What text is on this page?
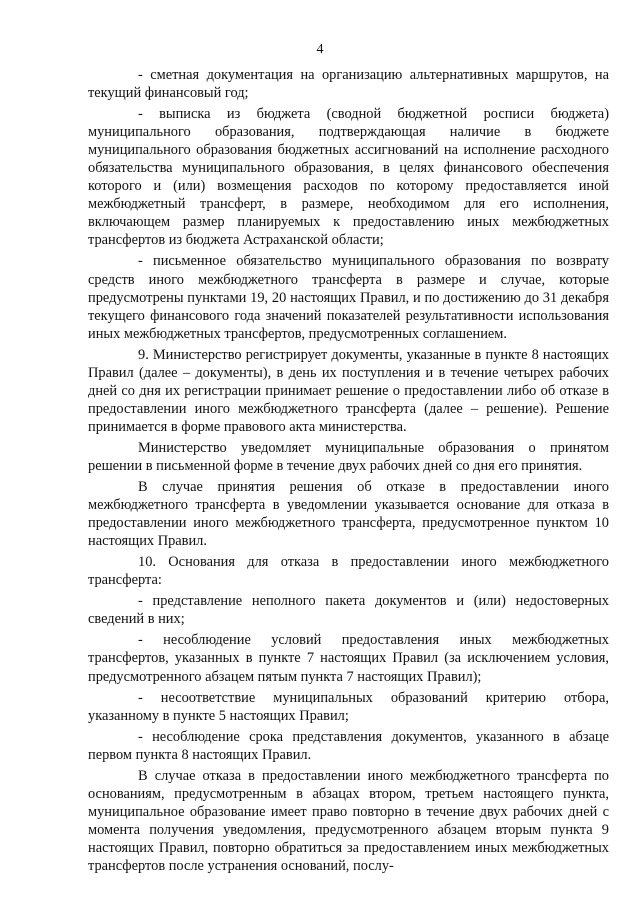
4

- сметная документация на организацию альтернативных маршрутов, на текущий финансовый год;

- выписка из бюджета (сводной бюджетной росписи бюджета) муниципального образования, подтверждающая наличие в бюджете муниципального образования бюджетных ассигнований на исполнение расходного обязательства муниципального образования, в целях финансового обеспечения которого и (или) возмещения расходов по которому предоставляется иной межбюджетный трансферт, в размере, необходимом для его исполнения, включающем размер планируемых к предоставлению иных межбюджетных трансфертов из бюджета Астраханской области;

- письменное обязательство муниципального образования по возврату средств иного межбюджетного трансферта в размере и случае, которые предусмотрены пунктами 19, 20 настоящих Правил, и по достижению до 31 декабря текущего финансового года значений показателей результативности использования иных межбюджетных трансфертов, предусмотренных соглашением.

9. Министерство регистрирует документы, указанные в пункте 8 настоящих Правил (далее – документы), в день их поступления и в течение четырех рабочих дней со дня их регистрации принимает решение о предоставлении либо об отказе в предоставлении иного межбюджетного трансферта (далее – решение). Решение принимается в форме правового акта министерства.

Министерство уведомляет муниципальные образования о принятом решении в письменной форме в течение двух рабочих дней со дня его принятия.

В случае принятия решения об отказе в предоставлении иного межбюджетного трансферта в уведомлении указывается основание для отказа в предоставлении иного межбюджетного трансферта, предусмотренное пунктом 10 настоящих Правил.

10. Основания для отказа в предоставлении иного межбюджетного трансферта:

- представление неполного пакета документов и (или) недостоверных сведений в них;

- несоблюдение условий предоставления иных межбюджетных трансфертов, указанных в пункте 7 настоящих Правил (за исключением условия, предусмотренного абзацем пятым пункта 7 настоящих Правил);

- несоответствие муниципальных образований критерию отбора, указанному в пункте 5 настоящих Правил;

- несоблюдение срока представления документов, указанного в абзаце первом пункта 8 настоящих Правил.

В случае отказа в предоставлении иного межбюджетного трансферта по основаниям, предусмотренным в абзацах втором, третьем настоящего пункта, муниципальное образование имеет право повторно в течение двух рабочих дней с момента получения уведомления, предусмотренного абзацем вторым пункта 9 настоящих Правил, повторно обратиться за предоставлением иных межбюджетных трансфертов после устранения оснований, послу-
